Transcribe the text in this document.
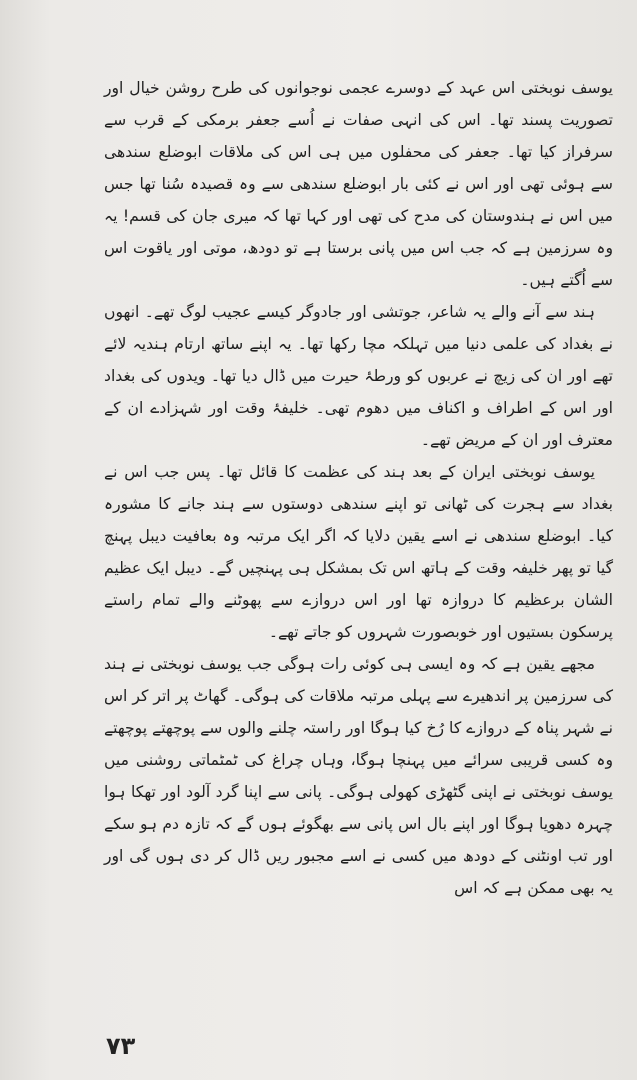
یوسف نوبختی اس عہد کے دوسرے عجمی نوجوانوں کی طرح روشن خیال اور تصوریت پسند تھا۔ اس کی انہی صفات نے اُسے جعفر برمکی کے قرب سے سرفراز کیا تھا۔ جعفر کی محفلوں میں ہی اس کی ملاقات ابوضلع سندھی سے ہوئی تھی اور اس نے کئی بار ابوضلع سندھی سے وہ قصیدہ سُنا تھا جس میں اس نے ہندوستان کی مدح کی تھی اور کہا تھا کہ میری جان کی قسم! یہ وہ سرزمین ہے کہ جب اس میں پانی برستا ہے تو دودھ، موتی اور یاقوت اس سے اُگتے ہیں۔

ہند سے آنے والے یہ شاعر، جوتشی اور جادوگر کیسے عجیب لوگ تھے۔ انھوں نے بغداد کی علمی دنیا میں تہلکہ مچا رکھا تھا۔ یہ اپنے ساتھ ارتام ہندیہ لائے تھے اور ان کی زیچ نے عربوں کو ورطۂ حیرت میں ڈال دیا تھا۔ ویدوں کی بغداد اور اس کے اطراف و اکناف میں دھوم تھی۔ خلیفۂ وقت اور شہزادے ان کے معترف اور ان کے مریض تھے۔

یوسف نوبختی ایران کے بعد ہند کی عظمت کا قائل تھا۔ پس جب اس نے بغداد سے ہجرت کی ٹھانی تو اپنے سندھی دوستوں سے ہند جانے کا مشورہ کیا۔ ابوضلع سندھی نے اسے یقین دلایا کہ اگر ایک مرتبہ وہ بعافیت دیبل پہنچ گیا تو پھر خلیفہ وقت کے ہاتھ اس تک بمشکل ہی پہنچیں گے۔ دیبل ایک عظیم الشان برعظیم کا دروازہ تھا اور اس دروازے سے پھوٹنے والے تمام راستے پرسکون بستیوں اور خوبصورت شہروں کو جاتے تھے۔

مجھے یقین ہے کہ وہ ایسی ہی کوئی رات ہوگی جب یوسف نوبختی نے ہند کی سرزمین پر اندھیرے سے پہلی مرتبہ ملاقات کی ہوگی۔ گھاٹ پر اتر کر اس نے شہر پناہ کے دروازے کا رُخ کیا ہوگا اور راستہ چلنے والوں سے پوچھتے پوچھتے وہ کسی قریبی سرائے میں پہنچا ہوگا، وہاں چراغ کی ٹمٹماتی روشنی میں یوسف نوبختی نے اپنی گٹھڑی کھولی ہوگی۔ پانی سے اپنا گرد آلود اور تھکا ہوا چہرہ دھویا ہوگا اور اپنے بال اس پانی سے بھگوئے ہوں گے کہ تازہ دم ہو سکے اور تب اونٹنی کے دودھ میں کسی نے اسے مجبور ریں ڈال کر دی ہوں گی اور یہ بھی ممکن ہے کہ اس

۷۳
